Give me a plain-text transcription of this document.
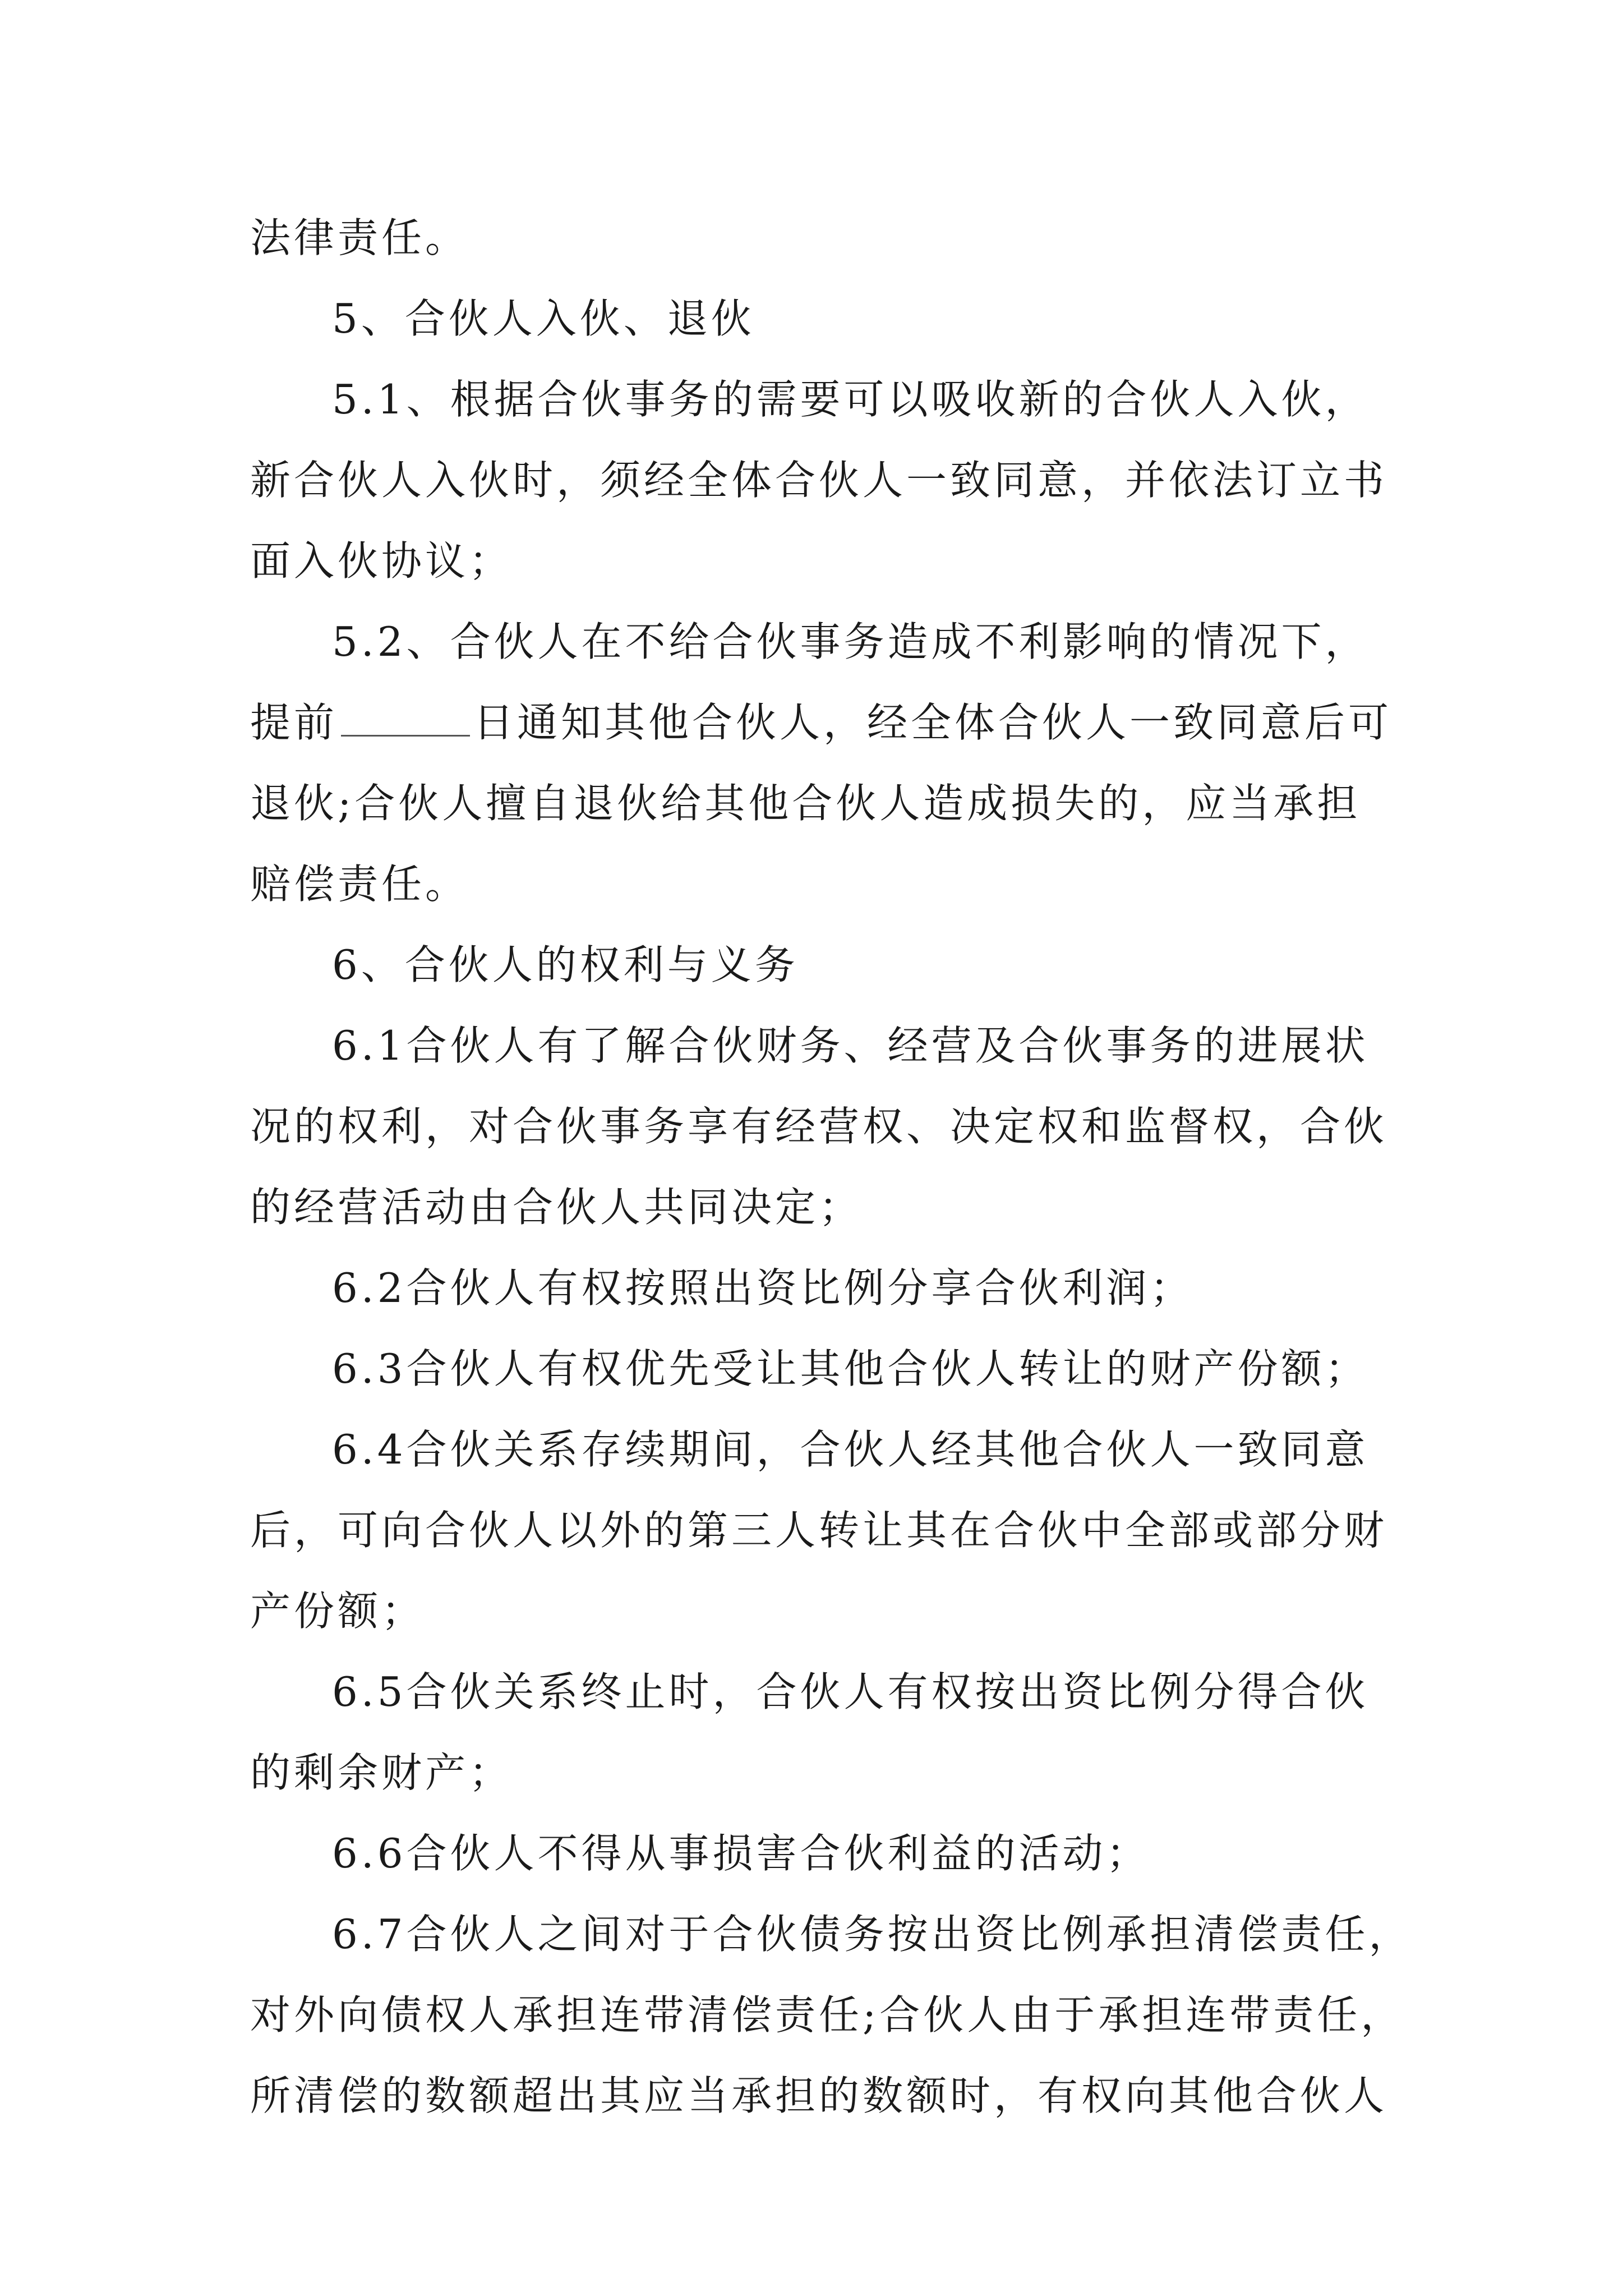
法律责任。
5、合伙人入伙、退伙
5.1、根据合伙事务的需要可以吸收新的合伙人入伙，
新合伙人入伙时，须经全体合伙人一致同意，并依法订立书
面入伙协议；
5.2、合伙人在不给合伙事务造成不利影响的情况下，
提前	日通知其他合伙人，经全体合伙人一致同意后可
退伙;合伙人擅自退伙给其他合伙人造成损失的，应当承担
赔偿责任。
6、合伙人的权利与义务
6.1合伙人有了解合伙财务、经营及合伙事务的进展状
况的权利，对合伙事务享有经营权、决定权和监督权，合伙
的经营活动由合伙人共同决定；
6.2合伙人有权按照出资比例分享合伙利润；
6.3合伙人有权优先受让其他合伙人转让的财产份额；
6.4合伙关系存续期间，合伙人经其他合伙人一致同意
后，可向合伙人以外的第三人转让其在合伙中全部或部分财
产份额；
6.5合伙关系终止时，合伙人有权按出资比例分得合伙
的剩余财产；
6.6合伙人不得从事损害合伙利益的活动；
6.7合伙人之间对于合伙债务按出资比例承担清偿责任，
对外向债权人承担连带清偿责任;合伙人由于承担连带责任，
所清偿的数额超出其应当承担的数额时，有权向其他合伙人
